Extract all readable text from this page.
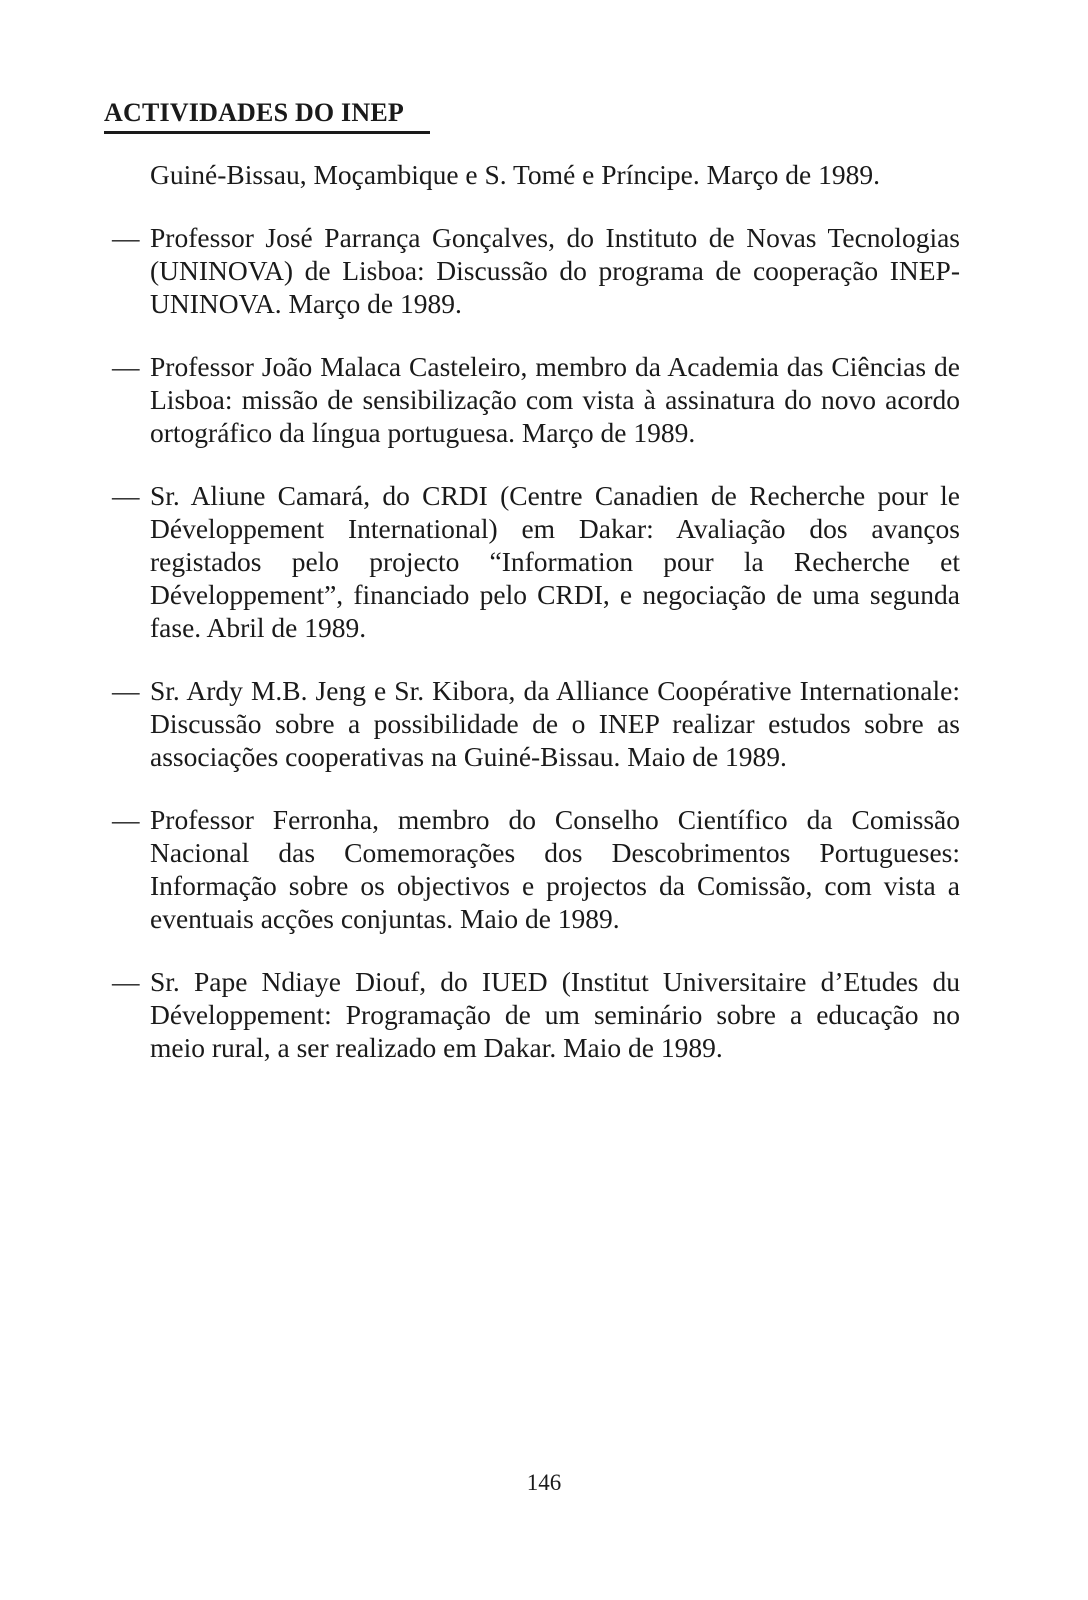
ACTIVIDADES DO INEP

Guiné-Bissau, Moçambique e S. Tomé e Príncipe. Março de 1989.

— Professor José Parrança Gonçalves, do Instituto de Novas Tecnologias (UNINOVA) de Lisboa: Discussão do programa de cooperação INEP-UNINOVA. Março de 1989.

— Professor João Malaca Casteleiro, membro da Academia das Ciências de Lisboa: missão de sensibilização com vista à assinatura do novo acordo ortográfico da língua portuguesa. Março de 1989.

— Sr. Aliune Camará, do CRDI (Centre Canadien de Recherche pour le Développement International) em Dakar: Avaliação dos avanços registados pelo projecto “Information pour la Recherche et Développement”, financiado pelo CRDI, e negociação de uma segunda fase. Abril de 1989.

— Sr. Ardy M.B. Jeng e Sr. Kibora, da Alliance Coopérative Internationale: Discussão sobre a possibilidade de o INEP realizar estudos sobre as associações cooperativas na Guiné-Bissau. Maio de 1989.

— Professor Ferronha, membro do Conselho Científico da Comissão Nacional das Comemorações dos Descobrimentos Portugueses: Informação sobre os objectivos e projectos da Comissão, com vista a eventuais acções conjuntas. Maio de 1989.

— Sr. Pape Ndiaye Diouf, do IUED (Institut Universitaire d’Etudes du Développement: Programação de um seminário sobre a educação no meio rural, a ser realizado em Dakar. Maio de 1989.

146
